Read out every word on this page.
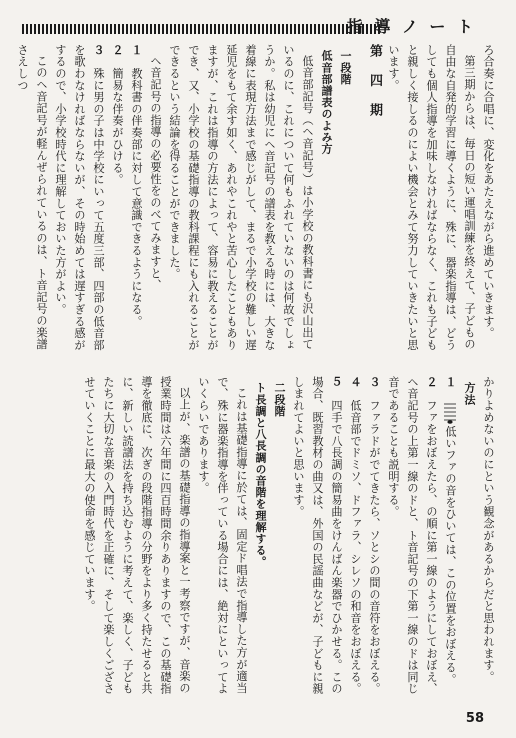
指 導 ノ ー ト

ろ合奏に合唱に、変化をあたえながら進めていきます。

第三期からは、毎日の短い運唱訓練を終えて、子どもの自由な自発的学習に導くように、殊に、器楽指導は、どうしても個人指導を加味しなければならなく、これも子どもと親しく接しるのによい機会とみて努力していきたいと思います。

第 四 期
一段階
低音部譜表のよみ方

低音部記号（ヘ音記号）は小学校の教科書にも沢山出ているのに、これについて何もふれていないのは何故でしょうか。私は幼児にヘ音記号の譜表を教える時には、大きな着線に表現方法まで感じがして、まるで小学校の難しい遅延児をもて余す如く、あれやこれやと苦心したこともありますが、これは指導の方法によって、容易に教えることができ、又、小学校の基礎指導の教科課程にも入れることができるという結論を得ることができました。

ヘ音記号の指導の必要性をのべてみますと、

１　教科書の伴奏部に対して意識できるようになる。

２　簡易な伴奏がひける。

３　殊に男の子は中学校にいって五度三部、四部の低音部を歌わなければならないが、その時始めては遅すぎる感がするので、小学校時代に理解しておいた方がよい。

このヘ音記号が軽んぜられているのは、ト音記号の楽譜さえしつ

かりよめないのにという観念があるからだと思われます。

方法

１　低いファの音をひいては、この位置をおぼえる。

２　ファをおぼえたら、の順に第一線のようにしておぼえ、ヘ音記号の上第一線のドと、ト音記号の下第一線のドは同じ音であることも説明する。

３　ファラドがでてきたら、ソとシの間の音符をおぼえる。

４　低音部でドミソ、ドファラ、シレソの和音をおぼえる。

５　四手で八長調の簡易曲をけんばん楽器でひかせる。この場合、既習教材の曲又は、外国の民謡曲などが、子どもに親しまれてよいと思います。

二段階
ト長調と八長調の音階を理解する。

これは基礎指導に於ては、固定ド唱法で指導した方が適当で、殊に器楽指導を伴っている場合には、絶対にといってよいくらいであります。

以上が、楽譜の基礎指導の指導案と一考察ですが、音楽の授業時間は六年間に四百時間余りありますので、この基礎指導を徹底に、次ぎの段階指導の分野をより多く持たせると共に、新しい読譜法を持ち込むように考えて、楽しく、子どもたちに大切な音楽の入門時代を正確に、そして楽しくござさせていくことに最大の使命を感じています。

58
